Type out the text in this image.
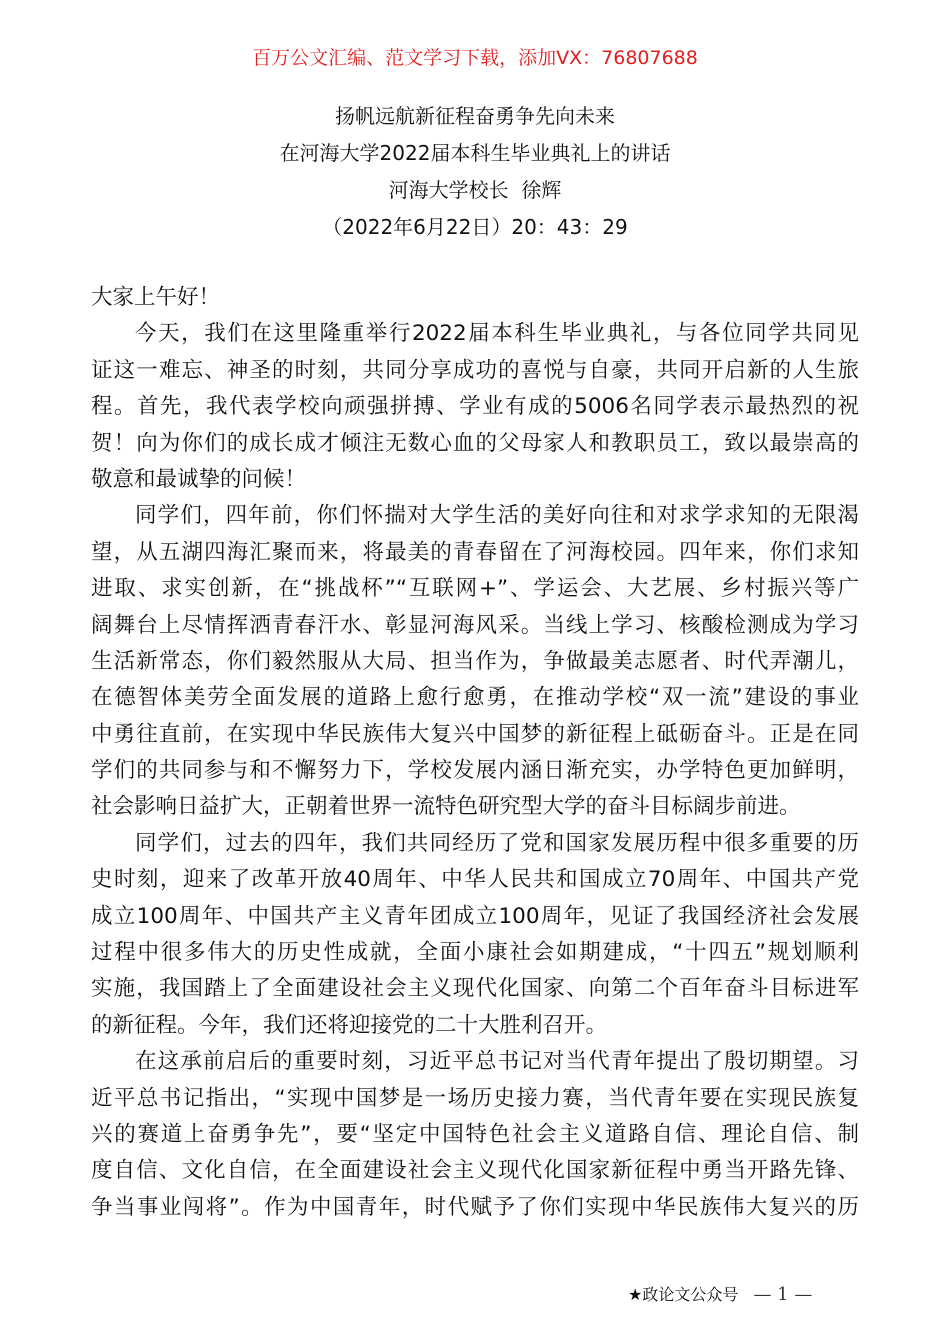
百万公文汇编、范文学习下载，添加VX：76807688
扬帆远航新征程奋勇争先向未来
在河海大学2022届本科生毕业典礼上的讲话
河海大学校长  徐辉
（2022年6月22日）20：43：29
大家上午好！
今天，我们在这里隆重举行2022届本科生毕业典礼，与各位同学共同见
证这一难忘、神圣的时刻，共同分享成功的喜悦与自豪，共同开启新的人生旅
程。首先，我代表学校向顽强拼搏、学业有成的5006名同学表示最热烈的祝
贺！向为你们的成长成才倾注无数心血的父母家人和教职员工，致以最崇高的
敬意和最诚挚的问候！
同学们，四年前，你们怀揣对大学生活的美好向往和对求学求知的无限渴
望，从五湖四海汇聚而来，将最美的青春留在了河海校园。四年来，你们求知
进取、求实创新，在“挑战杯”“互联网+”、学运会、大艺展、乡村振兴等广
阔舞台上尽情挥洒青春汗水、彰显河海风采。当线上学习、核酸检测成为学习
生活新常态，你们毅然服从大局、担当作为，争做最美志愿者、时代弄潮儿，
在德智体美劳全面发展的道路上愈行愈勇，在推动学校“双一流”建设的事业
中勇往直前，在实现中华民族伟大复兴中国梦的新征程上砥砺奋斗。正是在同
学们的共同参与和不懈努力下，学校发展内涵日渐充实，办学特色更加鲜明，
社会影响日益扩大，正朝着世界一流特色研究型大学的奋斗目标阔步前进。
同学们，过去的四年，我们共同经历了党和国家发展历程中很多重要的历
史时刻，迎来了改革开放40周年、中华人民共和国成立70周年、中国共产党
成立100周年、中国共产主义青年团成立100周年，见证了我国经济社会发展
过程中很多伟大的历史性成就，全面小康社会如期建成，“十四五”规划顺利
实施，我国踏上了全面建设社会主义现代化国家、向第二个百年奋斗目标进军
的新征程。今年，我们还将迎接党的二十大胜利召开。
在这承前启后的重要时刻，习近平总书记对当代青年提出了殷切期望。习
近平总书记指出，“实现中国梦是一场历史接力赛，当代青年要在实现民族复
兴的赛道上奋勇争先”，要“坚定中国特色社会主义道路自信、理论自信、制
度自信、文化自信，在全面建设社会主义现代化国家新征程中勇当开路先锋、
争当事业闯将”。作为中国青年，时代赋予了你们实现中华民族伟大复兴的历
★政论文公众号 — 1 —
